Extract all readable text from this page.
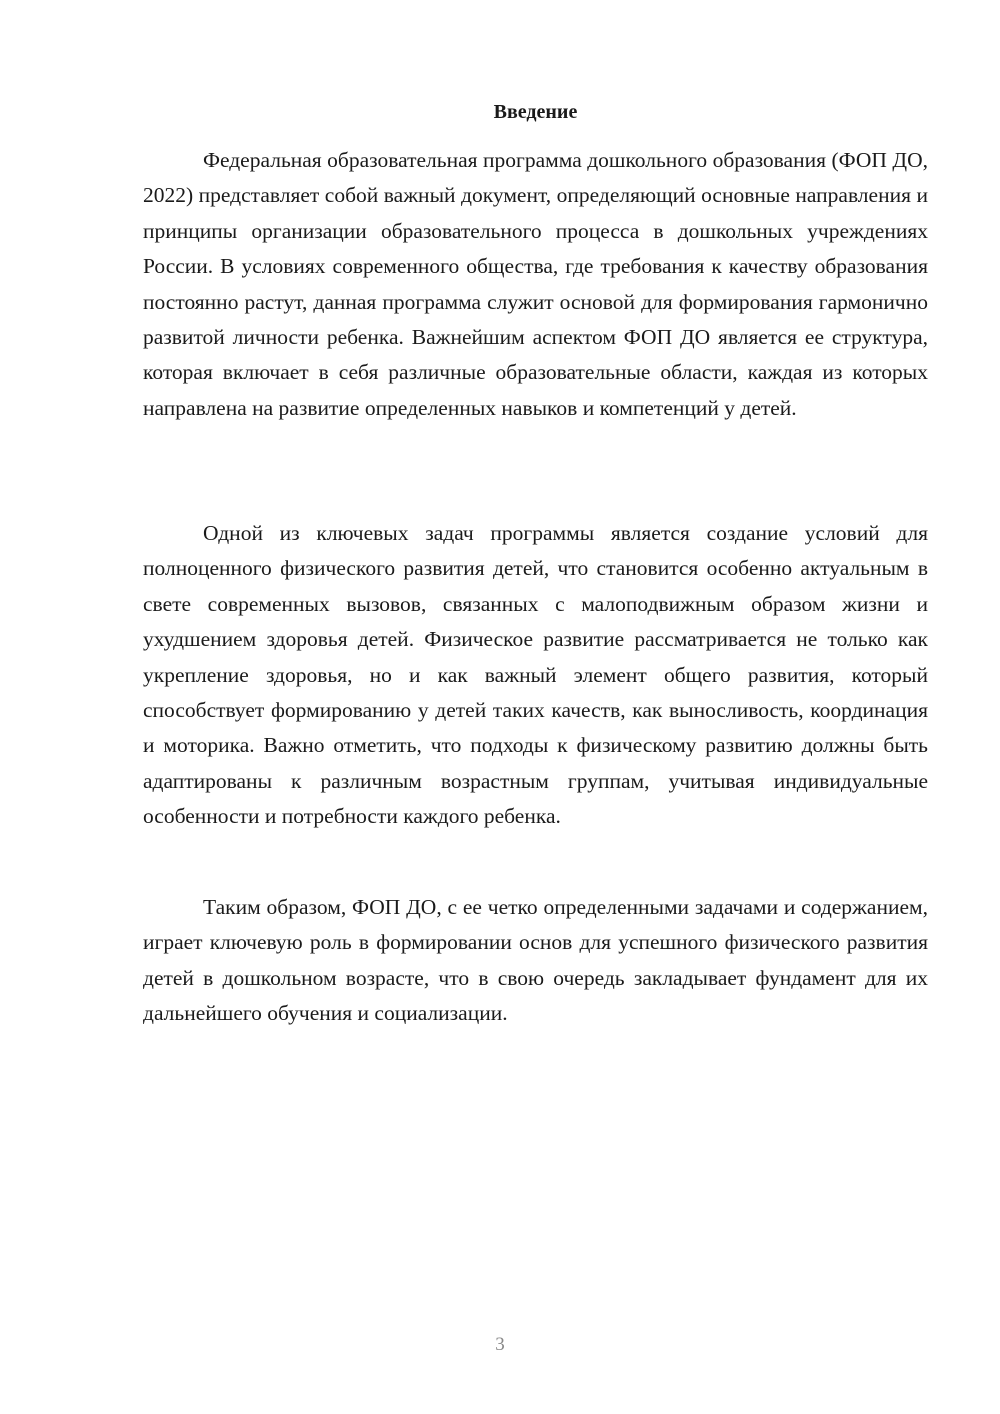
Введение

Федеральная образовательная программа дошкольного образования (ФОП ДО, 2022) представляет собой важный документ, определяющий основные направления и принципы организации образовательного процесса в дошкольных учреждениях России. В условиях современного общества, где требования к качеству образования постоянно растут, данная программа служит основой для формирования гармонично развитой личности ребенка. Важнейшим аспектом ФОП ДО является ее структура, которая включает в себя различные образовательные области, каждая из которых направлена на развитие определенных навыков и компетенций у детей.

Одной из ключевых задач программы является создание условий для полноценного физического развития детей, что становится особенно актуальным в свете современных вызовов, связанных с малоподвижным образом жизни и ухудшением здоровья детей. Физическое развитие рассматривается не только как укрепление здоровья, но и как важный элемент общего развития, который способствует формированию у детей таких качеств, как выносливость, координация и моторика. Важно отметить, что подходы к физическому развитию должны быть адаптированы к различным возрастным группам, учитывая индивидуальные особенности и потребности каждого ребенка.

Таким образом, ФОП ДО, с ее четко определенными задачами и содержанием, играет ключевую роль в формировании основ для успешного физического развития детей в дошкольном возрасте, что в свою очередь закладывает фундамент для их дальнейшего обучения и социализации.

3
